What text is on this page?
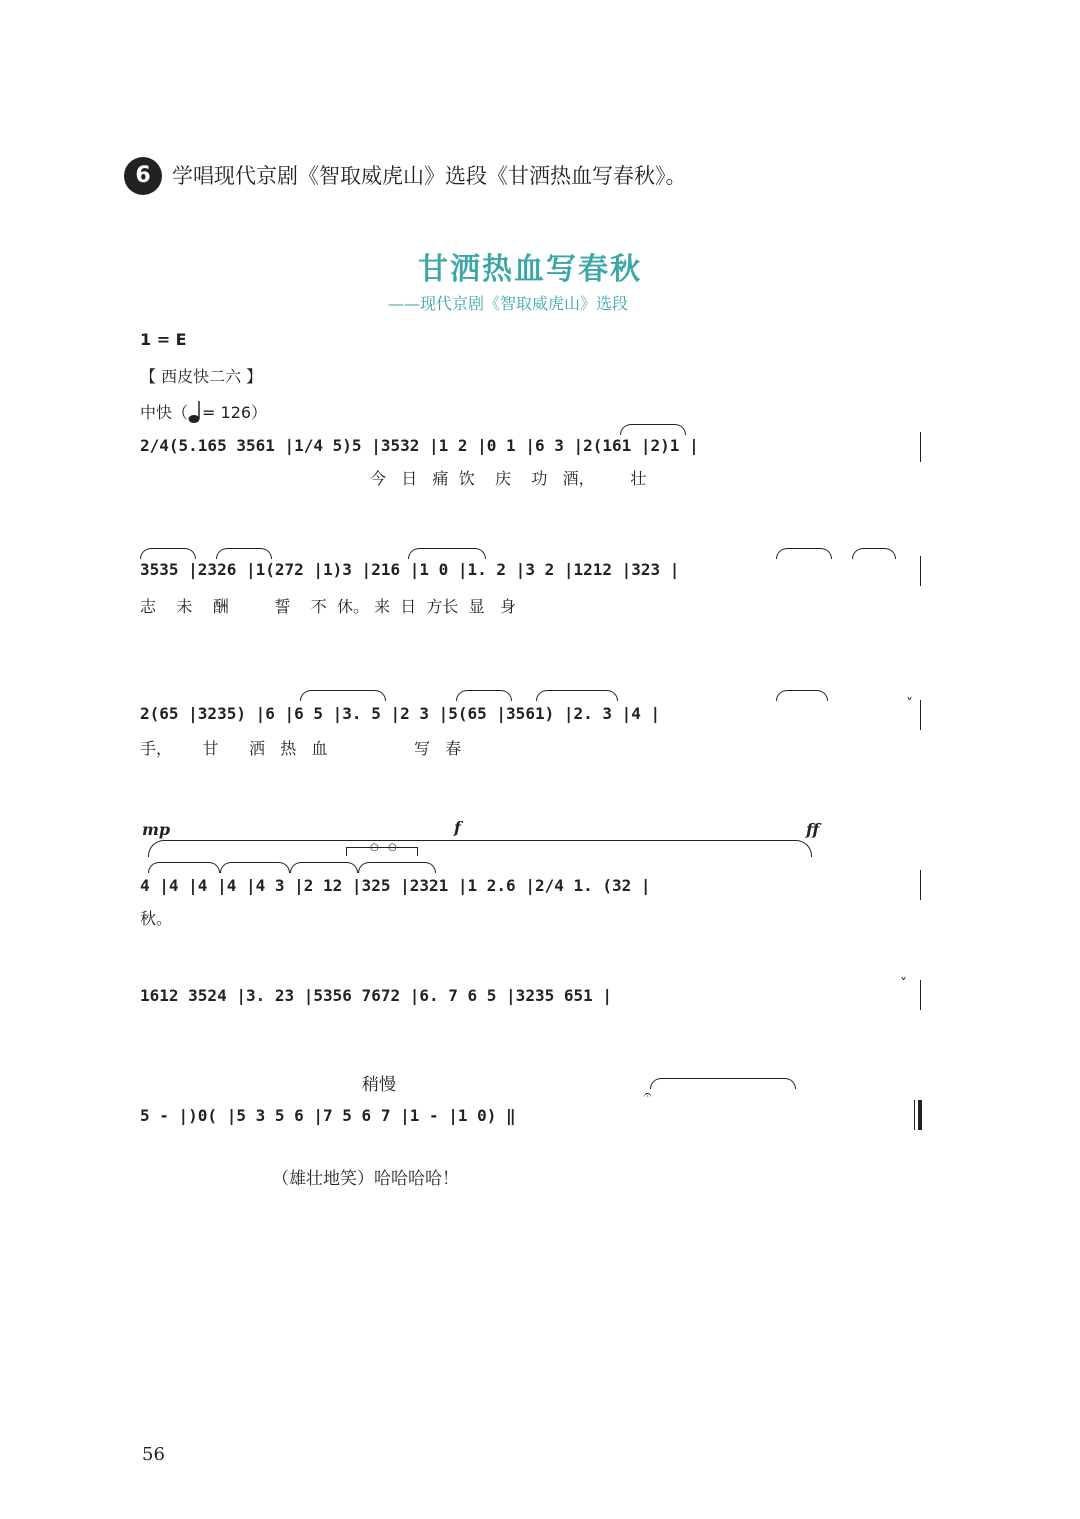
6	学唱现代京剧《智取威虎山》选段《甘洒热血写春秋》。
甘洒热血写春秋
——现代京剧《智取威虎山》选段
1 = E
【 西皮快二六 】
中快（ = 126）
2/4(5.165 3561 |1/4 5)5 |3532 |1 2 |0 1 |6 3 |2(161 |2)1 |
今   日   痛  饮    庆    功   酒，       壮
3535 |2326 |1(272 |1)3 |216 |1 0 |1. 2 |3 2 |1212 |323 |
志    未    酬         誓    不  休。 来  日  方长  显   身
2(65 |3235) |6 |6 5 |3. 5 |2 3 |5(65 |3561) |2. 3 |4 |
手，      甘      洒   热   血                 写   春
˅
mp	f	ff
○ ○
4 |4 |4 |4 |4 3 |2 12 |325 |2321 |1 2.6 |2/4 1. (32 |
秋。
1612 3524 |3. 23 |5356 7672 |6. 7 6 5 |3235 651 |
˅
稍慢
𝄐
5 - |)0( |5 3 5 6 |7 5 6 7 |1 - |1 0) ‖
（雄壮地笑）哈哈哈哈！
56
